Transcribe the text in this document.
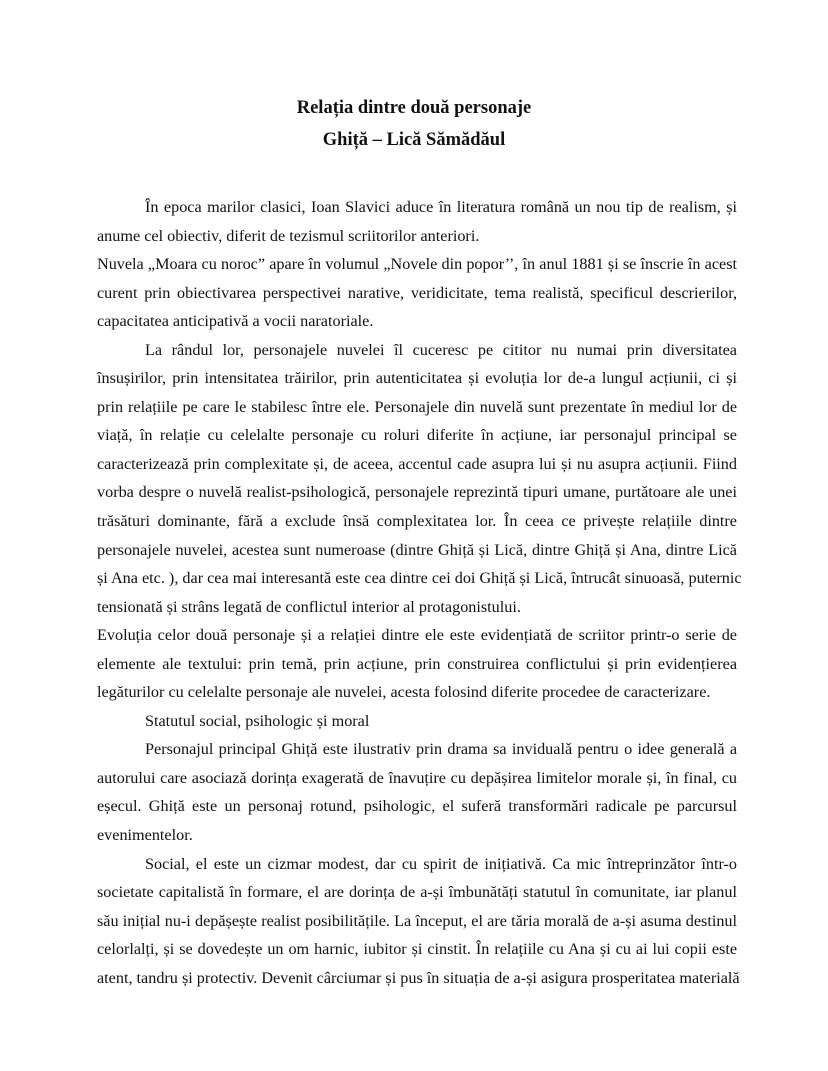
Relația dintre două personaje
Ghiță – Lică Sămădăul
În epoca marilor clasici, Ioan Slavici aduce în literatura română un nou tip de realism, și
anume cel obiectiv, diferit de tezismul scriitorilor anteriori.
Nuvela „Moara cu noroc” apare în volumul „Novele din popor’’, în anul 1881 și se înscrie în acest
curent prin obiectivarea perspectivei narative, veridicitate, tema realistă, specificul descrierilor,
capacitatea anticipativă a vocii naratoriale.
La rândul lor, personajele nuvelei îl cuceresc pe cititor nu numai prin diversitatea
însușirilor, prin intensitatea trăirilor, prin autenticitatea și evoluția lor de-a lungul acțiunii, ci și
prin relațiile pe care le stabilesc între ele. Personajele din nuvelă sunt prezentate în mediul lor de
viață, în relație cu celelalte personaje cu roluri diferite în acțiune, iar personajul principal se
caracterizează prin complexitate și, de aceea, accentul cade asupra lui și nu asupra acțiunii. Fiind
vorba despre o nuvelă realist-psihologică, personajele reprezintă tipuri umane, purtătoare ale unei
trăsături dominante, fără a exclude însă complexitatea lor. În ceea ce privește relațiile dintre
personajele nuvelei, acestea sunt numeroase (dintre Ghiță și Lică, dintre Ghiță și Ana, dintre Lică
și Ana etc. ), dar cea mai interesantă este cea dintre cei doi Ghiță și Lică, întrucât sinuoasă, puternic
tensionată și strâns legată de conflictul interior al protagonistului.
Evoluția celor două personaje și a relației dintre ele este evidențiată de scriitor printr-o serie de
elemente ale textului: prin temă, prin acțiune, prin construirea conflictului și prin evidențierea
legăturilor cu celelalte personaje ale nuvelei, acesta folosind diferite procedee de caracterizare.
Statutul social, psihologic și moral
Personajul principal Ghiță este ilustrativ prin drama sa invidualǎ pentru o idee generală a
autorului care asociază dorința exagerată de înavuțire cu depășirea limitelor morale și, în final, cu
eșecul. Ghiță este un personaj rotund, psihologic, el suferă transformări radicale pe parcursul
evenimentelor.
Social, el este un cizmar modest, dar cu spirit de inițiativă. Ca mic întreprinzător într-o
societate capitalistă în formare, el are dorința de a-și îmbunătăți statutul în comunitate, iar planul
său inițial nu-i depășește realist posibilitățile. La început, el are tăria morală de a-și asuma destinul
celorlalți, și se dovedește un om harnic, iubitor și cinstit. În relațiile cu Ana și cu ai lui copii este
atent, tandru și protectiv. Devenit cârciumar și pus în situația de a-și asigura prosperitatea materială
